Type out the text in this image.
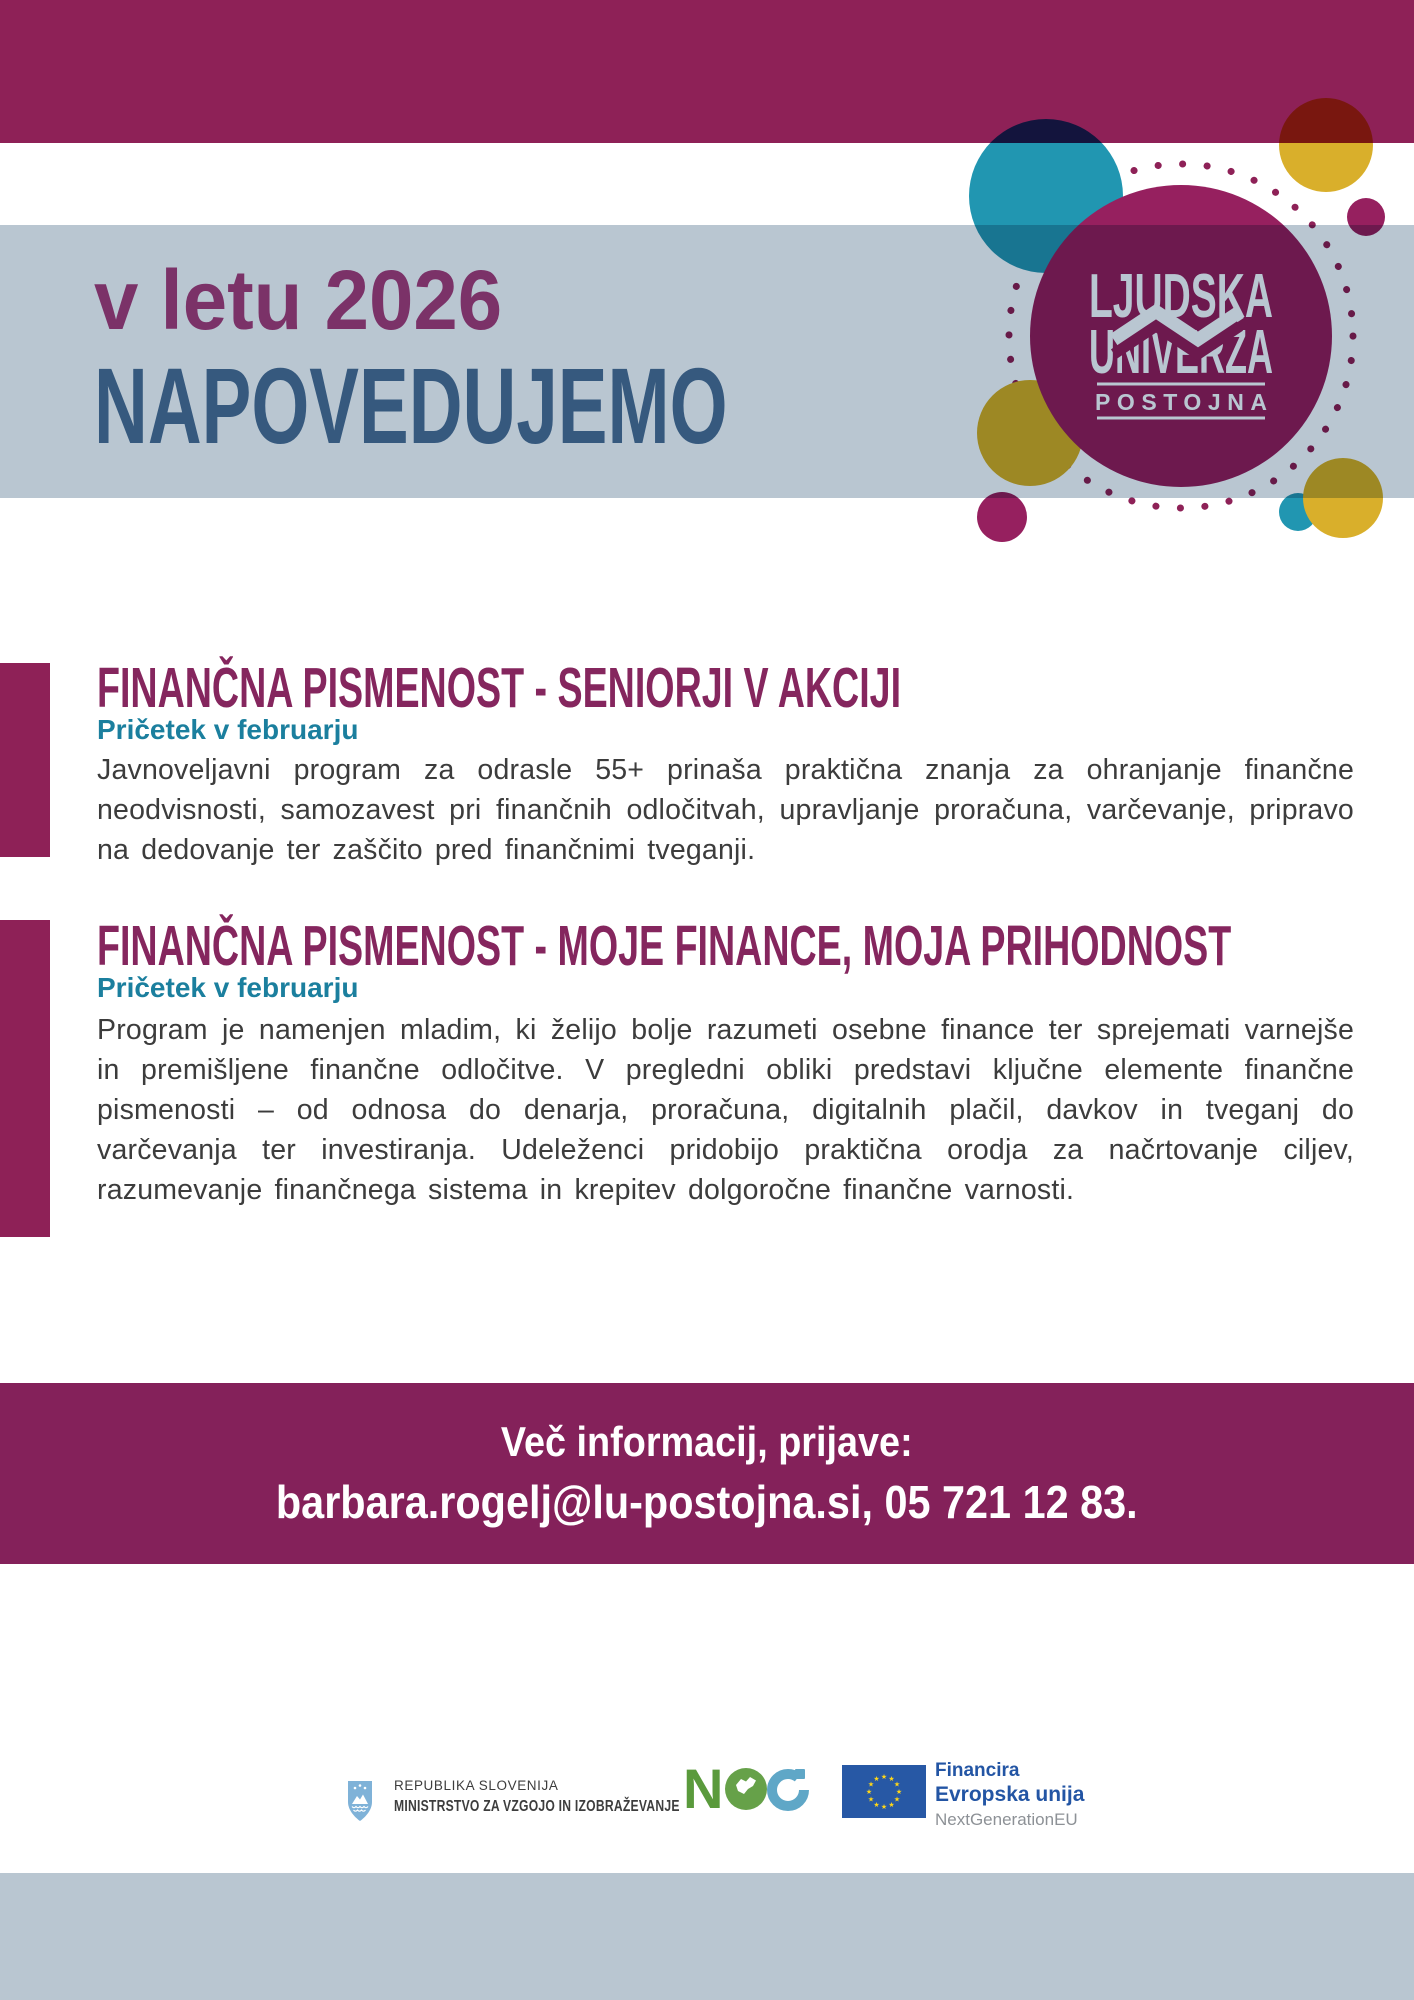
v letu 2026
NAPOVEDUJEMO
LJUDSKA
UNIVERZA
POSTOJNA
FINANČNA PISMENOST - SENIORJI V AKCIJI
Pričetek v februarju
Javnoveljavni program za odrasle 55+ prinaša praktična znanja za ohranjanje finančne neodvisnosti, samozavest pri finančnih odločitvah, upravljanje proračuna, varčevanje, pripravo na dedovanje ter zaščito pred finančnimi tveganji.
FINANČNA PISMENOST - MOJE FINANCE, MOJA PRIHODNOST
Pričetek v februarju
Program je namenjen mladim, ki želijo bolje razumeti osebne finance ter sprejemati varnejše in premišljene finančne odločitve. V pregledni obliki predstavi ključne elemente finančne pismenosti – od odnosa do denarja, proračuna, digitalnih plačil, davkov in tveganj do varčevanja ter investiranja. Udeleženci pridobijo praktična orodja za načrtovanje ciljev, razumevanje finančnega sistema in krepitev dolgoročne finančne varnosti.
Več informacij, prijave:
barbara.rogelj@lu-postojna.si, 05 721 12 83.
REPUBLIKA SLOVENIJA
MINISTRSTVO ZA VZGOJO IN IZOBRAŽEVANJE N	★ ★
★
★
★
★
★
★
★
★
★
★	Financira
Evropska unija
NextGenerationEU
